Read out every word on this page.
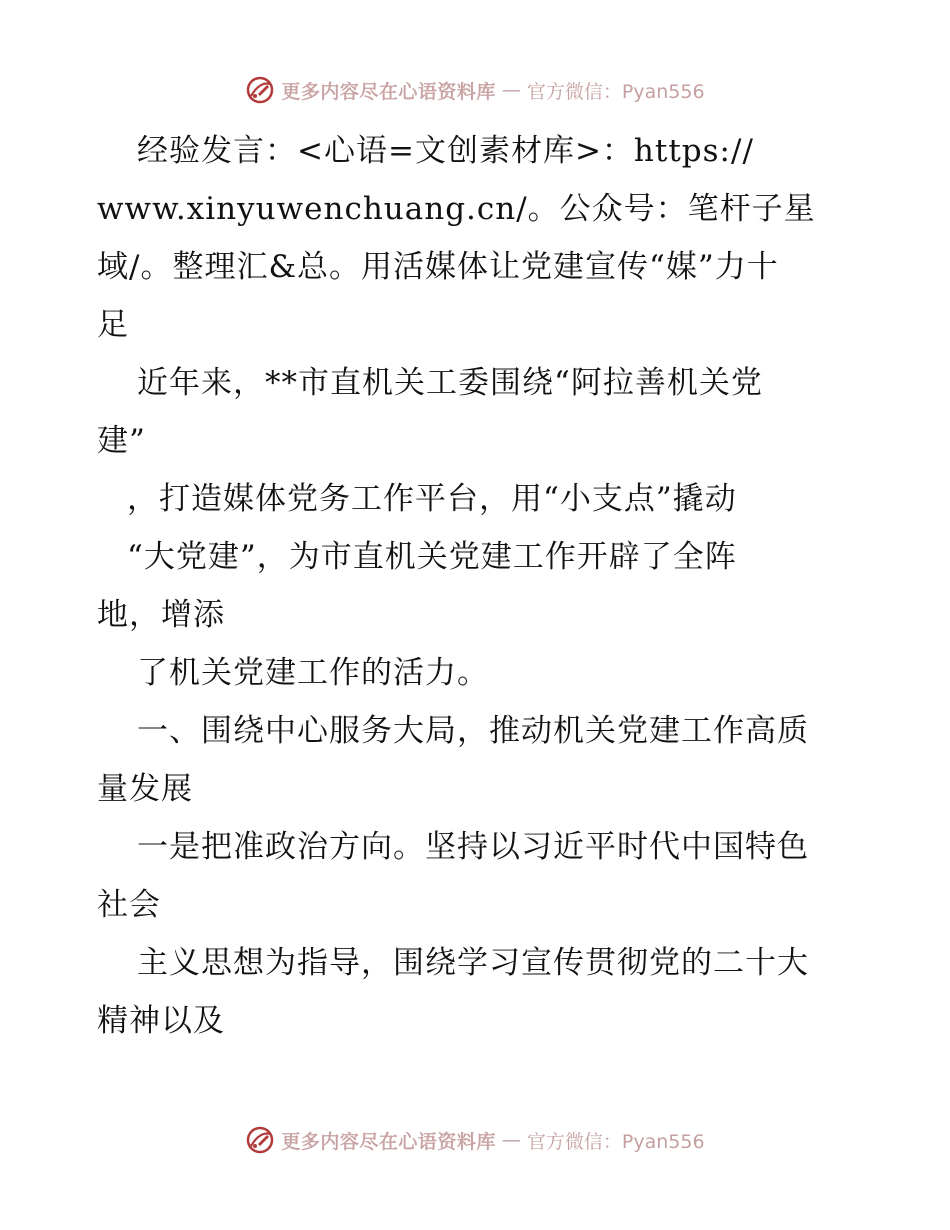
更多内容尽在心语资料库 — 官方微信：Pyan556
经验发言：<心语=文创素材库>：https://
www.xinyuwenchuang.cn/。公众号：笔杆子星
域/。整理汇&总。用活媒体让党建宣传“媒”力十
足
近年来，**市直机关工委围绕“阿拉善机关党
建”
，打造媒体党务工作平台，用“小支点”撬动
“大党建”，为市直机关党建工作开辟了全阵
地，增添
了机关党建工作的活力。
一、围绕中心服务大局，推动机关党建工作高质
量发展
一是把准政治方向。坚持以习近平时代中国特色
社会
主义思想为指导，围绕学习宣传贯彻党的二十大
精神以及
更多内容尽在心语资料库 — 官方微信：Pyan556
